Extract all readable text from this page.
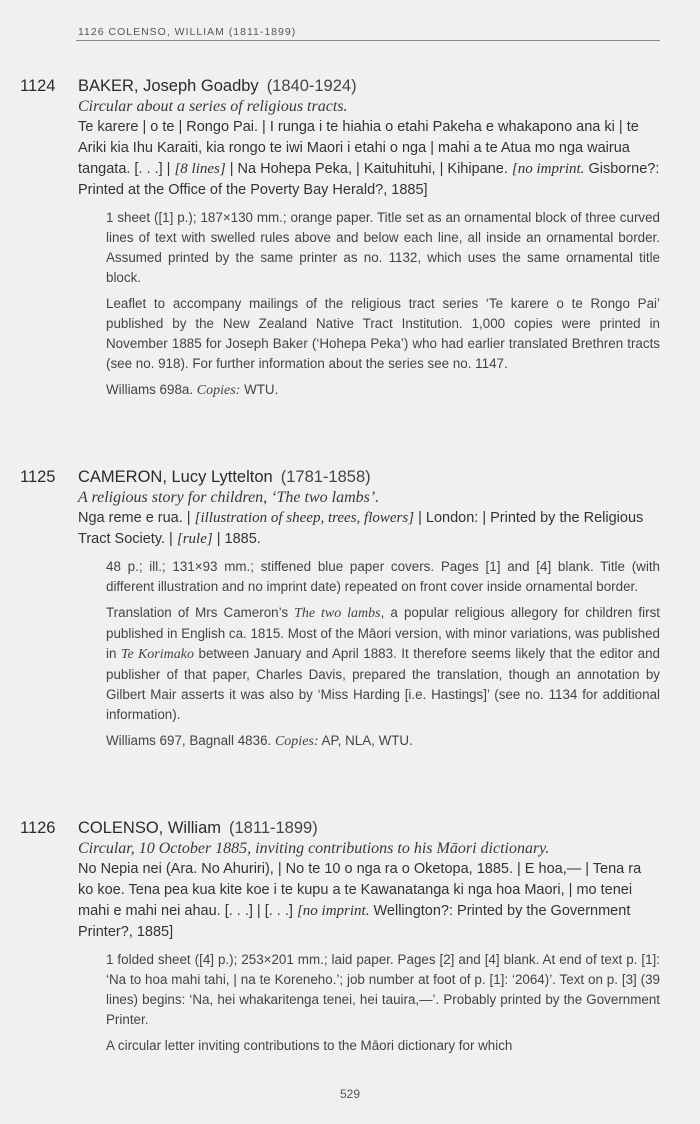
1126 COLENSO, WILLIAM (1811-1899)
1124	BAKER, Joseph Goadby (1840-1924)
Circular about a series of religious tracts.
Te karere | o te | Rongo Pai. | I runga i te hiahia o etahi Pakeha e whakapono ana ki | te Ariki kia Ihu Karaiti, kia rongo te iwi Maori i etahi o nga | mahi a te Atua mo nga wairua tangata. [. . .] | [8 lines] | Na Hohepa Peka, | Kaituhituhi, | Kihipane. [no imprint. Gisborne?: Printed at the Office of the Poverty Bay Herald?, 1885]
1 sheet ([1] p.); 187×130 mm.; orange paper. Title set as an ornamental block of three curved lines of text with swelled rules above and below each line, all inside an ornamental border. Assumed printed by the same printer as no. 1132, which uses the same ornamental title block.
Leaflet to accompany mailings of the religious tract series ‘Te karere o te Rongo Pai’ published by the New Zealand Native Tract Institution. 1,000 copies were printed in November 1885 for Joseph Baker (‘Hohepa Peka’) who had earlier translated Brethren tracts (see no. 918). For further information about the series see no. 1147.
Williams 698a. Copies: WTU.
1125	CAMERON, Lucy Lyttelton (1781-1858)
A religious story for children, ‘The two lambs’.
Nga reme e rua. | [illustration of sheep, trees, flowers] | London: | Printed by the Religious Tract Society. | [rule] | 1885.
48 p.; ill.; 131×93 mm.; stiffened blue paper covers. Pages [1] and [4] blank. Title (with different illustration and no imprint date) repeated on front cover inside ornamental border.
Translation of Mrs Cameron’s The two lambs, a popular religious allegory for children first published in English ca. 1815. Most of the Māori version, with minor variations, was published in Te Korimako between January and April 1883. It therefore seems likely that the editor and publisher of that paper, Charles Davis, prepared the translation, though an annotation by Gilbert Mair asserts it was also by ‘Miss Harding [i.e. Hastings]’ (see no. 1134 for additional information).
Williams 697, Bagnall 4836. Copies: AP, NLA, WTU.
1126	COLENSO, William (1811-1899)
Circular, 10 October 1885, inviting contributions to his Māori dictionary.
No Nepia nei (Ara. No Ahuriri), | No te 10 o nga ra o Oketopa, 1885. | E hoa,— | Tena ra ko koe. Tena pea kua kite koe i te kupu a te Kawanatanga ki nga hoa Maori, | mo tenei mahi e mahi nei ahau. [. . .] | [. . .] [no imprint. Wellington?: Printed by the Government Printer?, 1885]
1 folded sheet ([4] p.); 253×201 mm.; laid paper. Pages [2] and [4] blank. At end of text p. [1]: ‘Na to hoa mahi tahi, | na te Koreneho.’; job number at foot of p. [1]: ‘2064)’. Text on p. [3] (39 lines) begins: ‘Na, hei whakaritenga tenei, hei tauira,—’. Probably printed by the Government Printer.
A circular letter inviting contributions to the Māori dictionary for which
529
